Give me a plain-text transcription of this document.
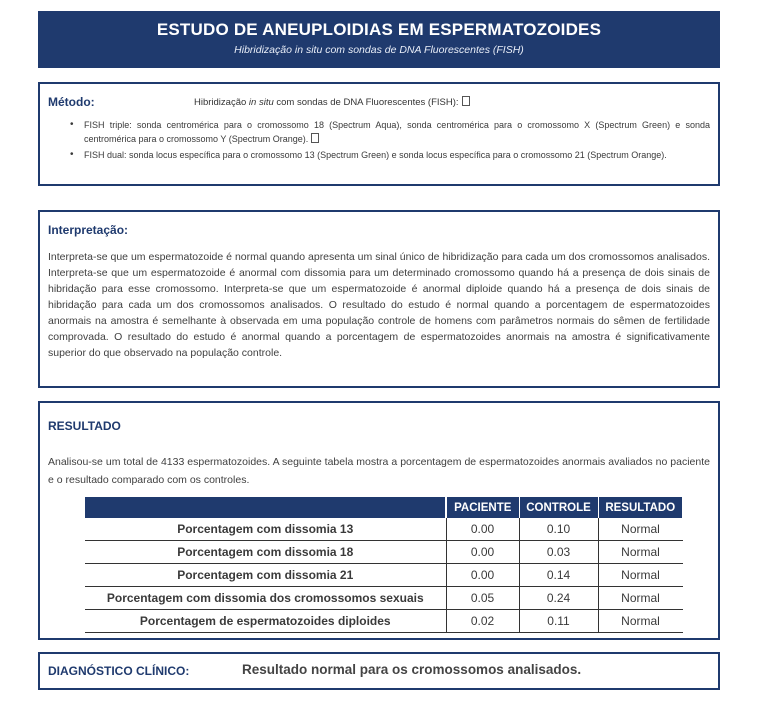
ESTUDO DE ANEUPLOIDIAS EM ESPERMATOZOIDES
Hibridização in situ com sondas de DNA Fluorescentes (FISH)
Método:	Hibridização in situ com sondas de DNA Fluorescentes (FISH):
• FISH triple: sonda centromérica para o cromossomo 18 (Spectrum Aqua), sonda centromérica para o cromossomo X (Spectrum Green) e sonda centromérica para o cromossomo Y (Spectrum Orange).
• FISH dual: sonda locus específica para o cromossomo 13 (Spectrum Green) e sonda locus específica para o cromossomo 21 (Spectrum Orange).
Interpretação:
Interpreta-se que um espermatozoide é normal quando apresenta um sinal único de hibridização para cada um dos cromossomos analisados. Interpreta-se que um espermatozoide é anormal com dissomia para um determinado cromossomo quando há a presença de dois sinais de hibridação para esse cromossomo. Interpreta-se que um espermatozoide é anormal diploide quando há a presença de dois sinais de hibridação para cada um dos cromossomos analisados. O resultado do estudo é normal quando a porcentagem de espermatozoides anormais na amostra é semelhante à observada em uma população controle de homens com parâmetros normais do sêmen de fertilidade comprovada. O resultado do estudo é anormal quando a porcentagem de espermatozoides anormais na amostra é significativamente superior do que observado na população controle.
RESULTADO
Analisou-se um total de 4133 espermatozoides. A seguinte tabela mostra a porcentagem de espermatozoides anormais avaliados no paciente e o resultado comparado com os controles.
	PACIENTE	CONTROLE	RESULTADO
Porcentagem com dissomia 13	0.00	0.10	Normal
Porcentagem com dissomia 18	0.00	0.03	Normal
Porcentagem com dissomia 21	0.00	0.14	Normal
Porcentagem com dissomia dos cromossomos sexuais	0.05	0.24	Normal
Porcentagem de espermatozoides diploides	0.02	0.11	Normal
DIAGNÓSTICO CLÍNICO:	Resultado normal para os cromossomos analisados.
